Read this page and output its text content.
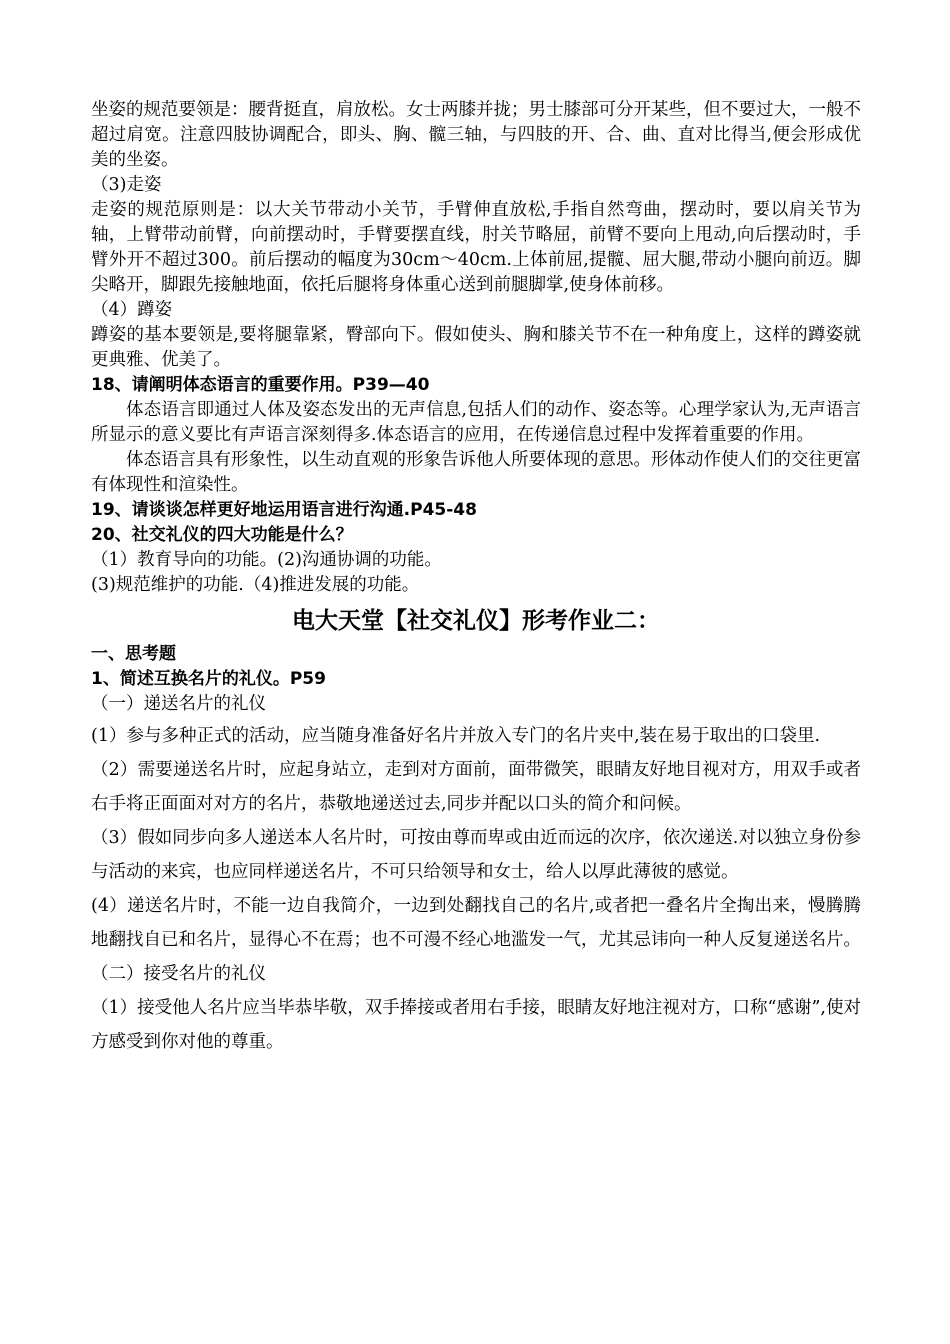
坐姿的规范要领是：腰背挺直，肩放松。女士两膝并拢；男士膝部可分开某些，但不要过大，一般不超过肩宽。注意四肢协调配合，即头、胸、髋三轴，与四肢的开、合、曲、直对比得当,便会形成优美的坐姿。

（3)走姿

走姿的规范原则是：以大关节带动小关节，手臂伸直放松,手指自然弯曲，摆动时，要以肩关节为轴，上臂带动前臂，向前摆动时，手臂要摆直线，肘关节略屈，前臂不要向上甩动,向后摆动时，手臂外开不超过300。前后摆动的幅度为30cm～40cm.上体前屈,提髋、屈大腿,带动小腿向前迈。脚尖略开，脚跟先接触地面，依托后腿将身体重心送到前腿脚掌,使身体前移。

（4）蹲姿

蹲姿的基本要领是,要将腿靠紧，臀部向下。假如使头、胸和膝关节不在一种角度上，这样的蹲姿就更典雅、优美了。

18、请阐明体态语言的重要作用。P39—40

体态语言即通过人体及姿态发出的无声信息,包括人们的动作、姿态等。心理学家认为,无声语言所显示的意义要比有声语言深刻得多.体态语言的应用，在传递信息过程中发挥着重要的作用。

体态语言具有形象性，以生动直观的形象告诉他人所要体现的意思。形体动作使人们的交往更富有体现性和渲染性。

19、请谈谈怎样更好地运用语言进行沟通.P45-48

20、社交礼仪的四大功能是什么？

（1）教育导向的功能。(2)沟通协调的功能。

(3)规范维护的功能.（4)推进发展的功能。

电大天堂【社交礼仪】形考作业二：

一、思考题

1、简述互换名片的礼仪。P59

（一）递送名片的礼仪

(1）参与多种正式的活动，应当随身准备好名片并放入专门的名片夹中,装在易于取出的口袋里.

（2）需要递送名片时，应起身站立，走到对方面前，面带微笑，眼睛友好地目视对方，用双手或者右手将正面面对对方的名片，恭敬地递送过去,同步并配以口头的简介和问候。

（3）假如同步向多人递送本人名片时，可按由尊而卑或由近而远的次序，依次递送.对以独立身份参与活动的来宾，也应同样递送名片，不可只给领导和女士，给人以厚此薄彼的感觉。

(4）递送名片时，不能一边自我简介，一边到处翻找自己的名片,或者把一叠名片全掏出来，慢腾腾地翻找自已和名片，显得心不在焉；也不可漫不经心地滥发一气，尤其忌讳向一种人反复递送名片。

（二）接受名片的礼仪

（1）接受他人名片应当毕恭毕敬，双手捧接或者用右手接，眼睛友好地注视对方，口称“感谢”,使对方感受到你对他的尊重。
